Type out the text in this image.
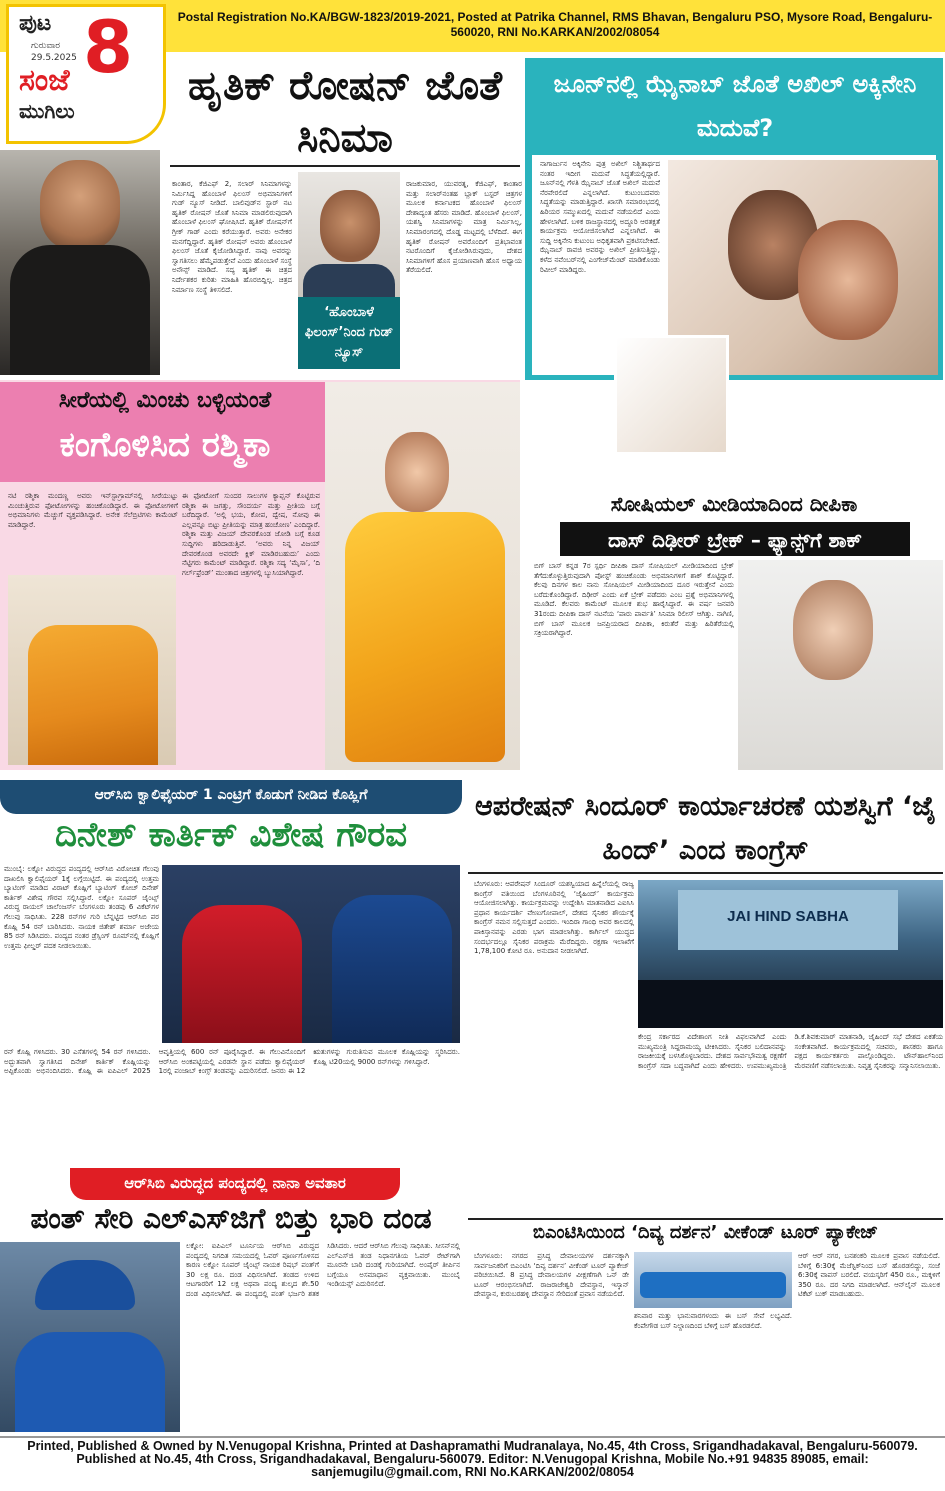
ಪುಟ 8
ಗುರುವಾರ
29.5.2025
ಸಂಜೆ
ಮುಗಿಲು
Postal Registration No.KA/BGW-1823/2019-2021, Posted at Patrika Channel, RMS Bhavan, Bengaluru PSO, Mysore Road, Bengaluru- 560020, RNI No.KARKAN/2002/08054
ಹೃತಿಕ್ ರೋಷನ್ ಜೊತೆ ಸಿನಿಮಾ
ಕಾಂತಾರ, ಕೆಜಿಎಫ್ 2, ಸಲಾರ್ ಸಿನಿಮಾಗಳನ್ನು ನಿರ್ಮಿಸಿದ್ದ ಹೊಂಬಾಳೆ ಫಿಲಂಸ್ ಅಭಿಮಾನಿಗಳಿಗೆ ಗುಡ್ ನ್ಯೂಸ್ ನೀಡಿದೆ. ಬಾಲಿವುಡ್‌ನ ಸ್ಟಾರ್ ನಟ ಹೃತಿಕ್ ರೋಷನ್ ಜೊತೆ ಸಿನಿಮಾ ಮಾಡಲಿರುವುದಾಗಿ ಹೊಂಬಾಳೆ ಫಿಲಂಸ್ ಘೋಷಿಸಿದೆ. ಹೃತಿಕ್ ರೋಷನ್‌ಗೆ ಗ್ರೀಕ್ ಗಾಡ್ ಎಂದು ಕರೆಯುತ್ತಾರೆ. ಅವರು ಅನೇಕರ ಮನಗೆದ್ದಿದ್ದಾರೆ. ಹೃತಿಕ್ ರೋಷನ್ ಅವರು ಹೊಂಬಾಳೆ ಫಿಲಂಸ್ ಜೊತೆ ಕೈಜೋಡಿಸಿದ್ದಾರೆ. ನಾವು ಅವರನ್ನು ಸ್ವಾಗತಿಸಲು ಹೆಮ್ಮೆಪಡುತ್ತೇವೆ ಎಂದು ಹೊಂಬಾಳೆ ಸಂಸ್ಥೆ ಅನೌನ್ಸ್ ಮಾಡಿದೆ. ಸದ್ಯ ಹೃತಿಕ್ ಈ ಚಿತ್ರದ ನಿರ್ದೇಶಕರ ಕುರಿತು ಮಾಹಿತಿ ಹೊರಬಿದ್ದಿಲ್ಲ. ಚಿತ್ರದ ನಿರ್ಮಾಣ ಸಂಸ್ಥೆ ತಿಳಿಸಲಿದೆ.
‘ಹೊಂಬಾಳೆ ಫಿಲಂಸ್’ನಿಂದ ಗುಡ್ ನ್ಯೂಸ್
ರಾಜಕುಮಾರ, ಯುವರತ್ನ, ಕೆಜಿಎಫ್, ಕಾಂತಾರ ಮತ್ತು ಸಲಾರ್‌ನಂತಹ ಬ್ಲಾಕ್ ಬಸ್ಟರ್ ಚಿತ್ರಗಳ ಮೂಲಕ ಕರ್ನಾಟಕದ ಹೊಂಬಾಳೆ ಫಿಲಂಸ್ ದೇಶಾದ್ಯಂತ ಹೆಸರು ಮಾಡಿದೆ. ಹೊಂಬಾಳೆ ಫಿಲಂಸ್, ಯಶಸ್ವಿ ಸಿನಿಮಾಗಳನ್ನು ಮಾತ್ರ ನಿರ್ಮಿಸಿಲ್ಲ, ಸಿನಿಮಾರಂಗದಲ್ಲಿ ದೊಡ್ಡ ಮಟ್ಟದಲ್ಲಿ ಬೆಳೆದಿದೆ. ಈಗ ಹೃತಿಕ್ ರೋಷನ್ ಅವರೊಂದಿಗೆ ಪ್ರತಿಭಾವಂತ ನಟರೊಂದಿಗೆ ಕೈಜೋಡಿಸಿರುವುದು, ದೇಶದ ಸಿನಿಮಾಗಳಿಗೆ ಹೊಸ ಪ್ರಯಾಣವಾಗಿ ಹೊಸ ಅಧ್ಯಾಯ ತೆರೆಯಲಿದೆ.
ಜೂನ್‌ನಲ್ಲಿ ಝೈನಾಬ್ ಜೊತೆ ಅಖಿಲ್ ಅಕ್ಕಿನೇನಿ ಮದುವೆ?
ನಾಗಾರ್ಜುನ ಅಕ್ಕಿನೇನಿ ಪುತ್ರ ಅಖಿಲ್ ನಿಶ್ಚಿತಾರ್ಥದ ನಂತರ ಇದೀಗ ಮದುವೆ ಸಿದ್ಧತೆಯಲ್ಲಿದ್ದಾರೆ. ಜೂನ್‌ನಲ್ಲಿ ಗೆಳತಿ ಝೈನಾಬ್ ಜೊತೆ ಅಖಿಲ್ ಮದುವೆ ನೆರವೇರಲಿದೆ ಎನ್ನಲಾಗಿದೆ. ಕುಟುಂಬದವರು ಸಿದ್ಧತೆಯನ್ನು ಮಾಡುತ್ತಿದ್ದಾರೆ. ಖಾಸಗಿ ಸಮಾರಂಭದಲ್ಲಿ ಹಿರಿಯರ ಸಮ್ಮುಖದಲ್ಲಿ ಮದುವೆ ನಡೆಯಲಿದೆ ಎಂದು ಹೇಳಲಾಗಿದೆ. ಬಳಿಕ ರಾಜಸ್ಥಾನದಲ್ಲಿ ಅದ್ಧೂರಿ ಆರತಕ್ಷತೆ ಕಾರ್ಯಕ್ರಮ ಆಯೋಜಿಸಲಾಗಿದೆ ಎನ್ನಲಾಗಿದೆ. ಈ ಸುದ್ದಿ ಅಕ್ಕಿನೇನಿ ಕುಟುಂಬ ಅಧಿಕೃತವಾಗಿ ಪ್ರಕಟಿಸಬೇಕಿದೆ. ಝೈನಾಬ್ ರಾವಜಿ ಅವರನ್ನು ಅಖಿಲ್ ಪ್ರೀತಿಸುತ್ತಿದ್ದು, ಕಳೆದ ನವೆಂಬರ್‌ನಲ್ಲಿ ಎಂಗೇಜ್‌ಮೆಂಟ್ ಮಾಡಿಕೊಂಡು ರಿವೀಲ್ ಮಾಡಿದ್ದರು.
ಸೀರೆಯಲ್ಲಿ ಮಿಂಚು ಬಳ್ಳಿಯಂತೆ
ಕಂಗೊಳಿಸಿದ ರಶ್ಮಿಕಾ
ನಟಿ ರಶ್ಮಿಕಾ ಮಂದಣ್ಣ ಅವರು ಇನ್‌ಸ್ಟಾಗ್ರಾಮ್‌ನಲ್ಲಿ ಸೀರೆಯುಟ್ಟು ಮಿಂಚುತ್ತಿರುವ ಫೋಟೋಗಳನ್ನು ಹಂಚಿಕೊಂಡಿದ್ದಾರೆ. ಈ ಫೋಟೋಗಳಿಗೆ ಅಭಿಮಾನಿಗಳು ಮೆಚ್ಚುಗೆ ವ್ಯಕ್ತಪಡಿಸಿದ್ದಾರೆ. ಅನೇಕ ಸೆಲೆಬ್ರಿಟಿಗಳು ಕಾಮೆಂಟ್ ಮಾಡಿದ್ದಾರೆ.
ಈ ಫೋಟೋಗೆ ಸುಂದರ ಸಾಲುಗಳ ಕ್ಯಾಪ್ಷನ್ ಕೊಟ್ಟಿರುವ ರಶ್ಮಿಕಾ ಈ ಜಗತ್ತು, ಸೌಂದರ್ಯ ಮತ್ತು ಪ್ರೀತಿಯ ಬಗ್ಗೆ ಬರೆದಿದ್ದಾರೆ. ‘ಅಲ್ಲಿ ಭಯ, ಕೋಪ, ದ್ವೇಷ, ನೋವು ಈ ಎಲ್ಲವನ್ನೂ ಬಿಟ್ಟು ಪ್ರೀತಿಯನ್ನು ಮಾತ್ರ ಹಂಚೋಣ’ ಎಂದಿದ್ದಾರೆ. ರಶ್ಮಿಕಾ ಮತ್ತು ವಿಜಯ್ ದೇವರಕೊಂಡ ಜೋಡಿ ಬಗ್ಗೆ ಕೂಡ ಸುದ್ದಿಗಳು ಹರಿದಾಡುತ್ತಿವೆ. ‘ಅವರು ನಿನ್ನ ವಿಜಯ್ ದೇವರಕೊಂಡ ಅವರದೇ ಕ್ಲಿಕ್ ಮಾಡಿರಬಹುದು’ ಎಂದು ನೆಟ್ಟಿಗರು ಕಾಮೆಂಟ್ ಮಾಡಿದ್ದಾರೆ. ರಶ್ಮಿಕಾ ಸದ್ಯ ‘ಮೈಸಾ’, ‘ದಿ ಗರ್ಲ್‌ಫ್ರೆಂಡ್’ ಮುಂತಾದ ಚಿತ್ರಗಳಲ್ಲಿ ಬ್ಯುಸಿಯಾಗಿದ್ದಾರೆ.
ಸೋಷಿಯಲ್ ಮೀಡಿಯಾದಿಂದ ದೀಪಿಕಾ
ದಾಸ್ ದಿಢೀರ್ ಬ್ರೇಕ್ – ಫ್ಯಾನ್ಸ್‌ಗೆ ಶಾಕ್
ಬಿಗ್ ಬಾಸ್ ಕನ್ನಡ 7ರ ಸ್ಪರ್ಧಿ ದೀಪಿಕಾ ದಾಸ್ ಸೋಷಿಯಲ್ ಮೀಡಿಯಾದಿಂದ ಬ್ರೇಕ್ ತೆಗೆದುಕೊಳ್ಳುತ್ತಿರುವುದಾಗಿ ಪೋಸ್ಟ್ ಹಂಚಿಕೊಂಡು ಅಭಿಮಾನಿಗಳಿಗೆ ಶಾಕ್ ಕೊಟ್ಟಿದ್ದಾರೆ. ಕೆಲವು ದಿನಗಳ ಕಾಲ ನಾನು ಸೋಷಿಯಲ್ ಮೀಡಿಯಾದಿಂದ ದೂರ ಇರುತ್ತೇನೆ ಎಂದು ಬರೆದುಕೊಂಡಿದ್ದಾರೆ. ದಿಢೀರ್ ಎಂದು ಏಕೆ ಬ್ರೇಕ್ ಪಡೆದರು ಎಂಬ ಪ್ರಶ್ನೆ ಅಭಿಮಾನಿಗಳಲ್ಲಿ ಮೂಡಿದೆ. ಕೆಲವರು ಕಾಮೆಂಟ್ ಮೂಲಕ ಶುಭ ಹಾರೈಸಿದ್ದಾರೆ. ಈ ವರ್ಷ ಜನವರಿ 31ರಂದು ದೀಪಿಕಾ ದಾಸ್ ನಟನೆಯ ‘ಪಾರು ಪಾರ್ವತಿ’ ಸಿನಿಮಾ ರಿಲೀಸ್ ಆಗಿತ್ತು. ನಾಗಿಣಿ, ಬಿಗ್ ಬಾಸ್ ಮೂಲಕ ಜನಪ್ರಿಯರಾದ ದೀಪಿಕಾ, ಕಿರುತೆರೆ ಮತ್ತು ಹಿರಿತೆರೆಯಲ್ಲಿ ಸಕ್ರಿಯರಾಗಿದ್ದಾರೆ.
ಆರ್‌ಸಿಬಿ ಕ್ವಾಲಿಫೈಯರ್ 1 ಎಂಟ್ರಿಗೆ ಕೊಡುಗೆ ನೀಡಿದ ಕೊಹ್ಲಿಗೆ
ದಿನೇಶ್ ಕಾರ್ತಿಕ್ ವಿಶೇಷ ಗೌರವ
ಮುಂಬೈ: ಲಕ್ನೋ ವಿರುದ್ಧದ ಪಂದ್ಯದಲ್ಲಿ ಆರ್‌ಸಿಬಿ ವಿರೋಚಿತ ಗೆಲುವು ದಾಖಲಿಸಿ ಕ್ವಾಲಿಫೈಯರ್ 1ಕ್ಕೆ ಲಗ್ಗೆಯಿಟ್ಟಿದೆ. ಈ ಪಂದ್ಯದಲ್ಲಿ ಉತ್ತಮ ಬ್ಯಾಟಿಂಗ್ ಮಾಡಿದ ವಿರಾಟ್ ಕೊಹ್ಲಿಗೆ ಬ್ಯಾಟಿಂಗ್ ಕೋಚ್ ದಿನೇಶ್ ಕಾರ್ತಿಕ್ ವಿಶೇಷ ಗೌರವ ಸಲ್ಲಿಸಿದ್ದಾರೆ. ಲಕ್ನೋ ಸೂಪರ್ ಜೈಂಟ್ಸ್ ವಿರುದ್ಧ ರಾಯಲ್ ಚಾಲೆಂಜರ್ಸ್ ಬೆಂಗಳೂರು ತಂಡವು 6 ವಿಕೆಟ್‌ಗಳ ಗೆಲುವು ಸಾಧಿಸಿತು. 228 ರನ್‌ಗಳ ಗುರಿ ಬೆನ್ನಟ್ಟಿದ ಆರ್‌ಸಿಬಿ ಪರ ಕೊಹ್ಲಿ 54 ರನ್ ಬಾರಿಸಿದರು. ನಾಯಕ ಜಿತೇಶ್ ಶರ್ಮಾ ಅಜೇಯ 85 ರನ್ ಸಿಡಿಸಿದರು. ಪಂದ್ಯದ ನಂತರ ಡ್ರೆಸ್ಸಿಂಗ್ ರೂಮ್‌ನಲ್ಲಿ ಕೊಹ್ಲಿಗೆ ಉತ್ತಮ ಫೀಲ್ಡರ್ ಪದಕ ನೀಡಲಾಯಿತು.
ರನ್ ಕೊಹ್ಲಿ ಗಳಿಸಿದರು. 30 ಎಸೆತಗಳಲ್ಲಿ 54 ರನ್ ಗಳಿಸಿದರು. ಅದ್ಭುತವಾಗಿ ಸ್ವಾಗತಿಸಿದ ದಿನೇಶ್ ಕಾರ್ತಿಕ್ ಕೊಹ್ಲಿಯನ್ನು ಅಪ್ಪಿಕೊಂಡು ಅಭಿನಂದಿಸಿದರು. ಕೊಹ್ಲಿ ಈ ಐಪಿಎಲ್ 2025 ಆವೃತ್ತಿಯಲ್ಲಿ 600 ರನ್ ಪೂರೈಸಿದ್ದಾರೆ. ಈ ಗೆಲುವಿನೊಂದಿಗೆ ಆರ್‌ಸಿಬಿ ಅಂಕಪಟ್ಟಿಯಲ್ಲಿ ಎರಡನೇ ಸ್ಥಾನ ಪಡೆದು ಕ್ವಾಲಿಫೈಯರ್ 1ರಲ್ಲಿ ಪಂಜಾಬ್ ಕಿಂಗ್ಸ್ ತಂಡವನ್ನು ಎದುರಿಸಲಿದೆ. ಜನರು ಈ 12 ಋತುಗಳನ್ನು ಗುರುತಿಸುವ ಮೂಲಕ ಕೊಹ್ಲಿಯನ್ನು ಸ್ಮರಿಸಿದರು. ಕೊಹ್ಲಿ ಟಿ20ಯಲ್ಲಿ 9000 ರನ್‌ಗಳನ್ನು ಗಳಿಸಿದ್ದಾರೆ.
ಆಪರೇಷನ್ ಸಿಂದೂರ್ ಕಾರ್ಯಾಚರಣೆ ಯಶಸ್ವಿಗೆ ‘ಜೈ ಹಿಂದ್’ ಎಂದ ಕಾಂಗ್ರೆಸ್
ಬೆಂಗಳೂರು: ಆಪರೇಷನ್ ಸಿಂದೂರ್ ಯಶಸ್ವಿಯಾದ ಹಿನ್ನೆಲೆಯಲ್ಲಿ ರಾಜ್ಯ ಕಾಂಗ್ರೆಸ್ ವತಿಯಿಂದ ಬೆಂಗಳೂರಿನಲ್ಲಿ ‘ಜೈಹಿಂದ್’ ಕಾರ್ಯಕ್ರಮ ಆಯೋಜಿಸಲಾಗಿತ್ತು. ಕಾರ್ಯಕ್ರಮವನ್ನು ಉದ್ದೇಶಿಸಿ ಮಾತನಾಡಿದ ಎಐಸಿಸಿ ಪ್ರಧಾನ ಕಾರ್ಯದರ್ಶಿ ವೇಣುಗೋಪಾಲ್, ದೇಶದ ಸೈನಿಕರ ಶೌರ್ಯಕ್ಕೆ ಕಾಂಗ್ರೆಸ್ ನಮನ ಸಲ್ಲಿಸುತ್ತದೆ ಎಂದರು. ಇಂದಿರಾ ಗಾಂಧಿ ಅವರ ಕಾಲದಲ್ಲಿ ಪಾಕಿಸ್ತಾನವನ್ನು ಎರಡು ಭಾಗ ಮಾಡಲಾಗಿತ್ತು. ಕಾರ್ಗಿಲ್ ಯುದ್ಧದ ಸಂದರ್ಭದಲ್ಲೂ ಸೈನಿಕರ ಪರಾಕ್ರಮ ಮೆರೆದಿದ್ದರು. ರಕ್ಷಣಾ ಇಲಾಖೆಗೆ 1,78,100 ಕೋಟಿ ರೂ. ಅನುದಾನ ನೀಡಲಾಗಿದೆ.
JAI HIND SABHA
ಕೇಂದ್ರ ಸರ್ಕಾರದ ವಿದೇಶಾಂಗ ನೀತಿ ವಿಫಲವಾಗಿದೆ ಎಂದು ಮುಖ್ಯಮಂತ್ರಿ ಸಿದ್ದರಾಮಯ್ಯ ಟೀಕಿಸಿದರು. ಸೈನಿಕರ ಬಲಿದಾನವನ್ನು ರಾಜಕೀಯಕ್ಕೆ ಬಳಸಿಕೊಳ್ಳಬಾರದು. ದೇಶದ ಸಾರ್ವಭೌಮತ್ವ ರಕ್ಷಣೆಗೆ ಕಾಂಗ್ರೆಸ್ ಸದಾ ಬದ್ಧವಾಗಿದೆ ಎಂದು ಹೇಳಿದರು. ಉಪಮುಖ್ಯಮಂತ್ರಿ ಡಿ.ಕೆ.ಶಿವಕುಮಾರ್ ಮಾತನಾಡಿ, ಜೈಹಿಂದ್ ಸಭೆ ದೇಶದ ಏಕತೆಯ ಸಂಕೇತವಾಗಿದೆ. ಕಾರ್ಯಕ್ರಮದಲ್ಲಿ ಸಚಿವರು, ಶಾಸಕರು ಹಾಗೂ ಪಕ್ಷದ ಕಾರ್ಯಕರ್ತರು ಪಾಲ್ಗೊಂಡಿದ್ದರು. ಟೌನ್‌ಹಾಲ್‌ನಿಂದ ಮೆರವಣಿಗೆ ನಡೆಸಲಾಯಿತು. ನಿವೃತ್ತ ಸೈನಿಕರನ್ನು ಸನ್ಮಾನಿಸಲಾಯಿತು.
ಆರ್‌ಸಿಬಿ ವಿರುದ್ಧದ ಪಂದ್ಯದಲ್ಲಿ ನಾನಾ ಅವತಾರ
ಪಂತ್ ಸೇರಿ ಎಲ್‌ಎಸ್‌ಜಿಗೆ ಬಿತ್ತು ಭಾರಿ ದಂಡ
ಲಕ್ನೋ: ಐಪಿಎಲ್ ಟೂರ್ನಿಯ ಆರ್‌ಸಿಬಿ ವಿರುದ್ಧದ ಪಂದ್ಯದಲ್ಲಿ ನಿಗದಿತ ಸಮಯದಲ್ಲಿ ಓವರ್ ಪೂರ್ಣಗೊಳಿಸದ ಕಾರಣ ಲಕ್ನೋ ಸೂಪರ್ ಜೈಂಟ್ಸ್ ನಾಯಕ ರಿಷಭ್ ಪಂತ್‌ಗೆ 30 ಲಕ್ಷ ರೂ. ದಂಡ ವಿಧಿಸಲಾಗಿದೆ. ತಂಡದ ಉಳಿದ ಆಟಗಾರರಿಗೆ 12 ಲಕ್ಷ ಅಥವಾ ಪಂದ್ಯ ಶುಲ್ಕದ ಶೇ.50 ದಂಡ ವಿಧಿಸಲಾಗಿದೆ. ಈ ಪಂದ್ಯದಲ್ಲಿ ಪಂತ್ ಭರ್ಜರಿ ಶತಕ ಸಿಡಿಸಿದರು. ಆದರೆ ಆರ್‌ಸಿಬಿ ಗೆಲುವು ಸಾಧಿಸಿತು. ಸೀಸನ್‌ನಲ್ಲಿ ಎಲ್‌ಎಸ್‌ಜಿ ತಂಡ ನಿಧಾನಗತಿಯ ಓವರ್ ರೇಟ್‌ಗಾಗಿ ಮೂರನೇ ಬಾರಿ ದಂಡಕ್ಕೆ ಗುರಿಯಾಗಿದೆ. ಅಂಪೈರ್ ತೀರ್ಪಿನ ಬಗ್ಗೆಯೂ ಅಸಮಾಧಾನ ವ್ಯಕ್ತವಾಯಿತು. ಮುಂಬೈ ಇಂಡಿಯನ್ಸ್ ಎದುರಿಸಲಿದೆ.
ಬಿಎಂಟಿಸಿಯಿಂದ ‘ದಿವ್ಯ ದರ್ಶನ’ ವೀಕೆಂಡ್ ಟೂರ್ ಪ್ಯಾಕೇಜ್
ಬೆಂಗಳೂರು: ನಗರದ ಪ್ರಸಿದ್ಧ ದೇವಾಲಯಗಳ ದರ್ಶನಕ್ಕಾಗಿ ಸಾರ್ವಜನಿಕರಿಗೆ ಬಿಎಂಟಿಸಿ ‘ದಿವ್ಯ ದರ್ಶನ’ ವೀಕೆಂಡ್ ಟೂರ್ ಪ್ಯಾಕೇಜ್ ಪರಿಚಯಿಸಿದೆ. 8 ಪ್ರಸಿದ್ಧ ದೇವಾಲಯಗಳ ವೀಕ್ಷಣೆಗಾಗಿ ಒನ್ ಡೇ ಟೂರ್ ಆರಂಭಿಸಲಾಗಿದೆ. ರಾಜರಾಜೇಶ್ವರಿ ದೇವಸ್ಥಾನ, ಇಸ್ಕಾನ್ ದೇವಸ್ಥಾನ, ಕುರುಬರಹಳ್ಳಿ ದೇವಸ್ಥಾನ ಸೇರಿದಂತೆ ಪ್ರವಾಸ ನಡೆಯಲಿದೆ.
ಶನಿವಾರ ಮತ್ತು ಭಾನುವಾರಗಳಂದು ಈ ಬಸ್ ಸೇವೆ ಲಭ್ಯವಿದೆ. ಕೆಂಪೇಗೌಡ ಬಸ್ ನಿಲ್ದಾಣದಿಂದ ಬೆಳಿಗ್ಗೆ ಬಸ್ ಹೊರಡಲಿದೆ.
ಆರ್ ಆರ್ ನಗರ, ಬನಶಂಕರಿ ಮೂಲಕ ಪ್ರವಾಸ ನಡೆಯಲಿದೆ. ಬೆಳಿಗ್ಗೆ 6:30ಕ್ಕೆ ಮೆಜೆಸ್ಟಿಕ್‌ನಿಂದ ಬಸ್ ಹೊರಡಲಿದ್ದು, ಸಂಜೆ 6:30ಕ್ಕೆ ವಾಪಸ್ ಬರಲಿದೆ. ವಯಸ್ಕರಿಗೆ 450 ರೂ., ಮಕ್ಕಳಿಗೆ 350 ರೂ. ದರ ನಿಗದಿ ಮಾಡಲಾಗಿದೆ. ಆನ್‌ಲೈನ್ ಮೂಲಕ ಟಿಕೆಟ್ ಬುಕ್ ಮಾಡಬಹುದು.
Printed, Published & Owned by N.Venugopal Krishna, Printed at Dashapramathi Mudranalaya, No.45, 4th Cross, Srigandhadakaval, Bengaluru-560079. Published at No.45, 4th Cross, Srigandhadakaval, Bengaluru-560079. Editor: N.Venugopal Krishna, Mobile No.+91 94835 89085, email: sanjemugilu@gmail.com, RNI No.KARKAN/2002/08054
